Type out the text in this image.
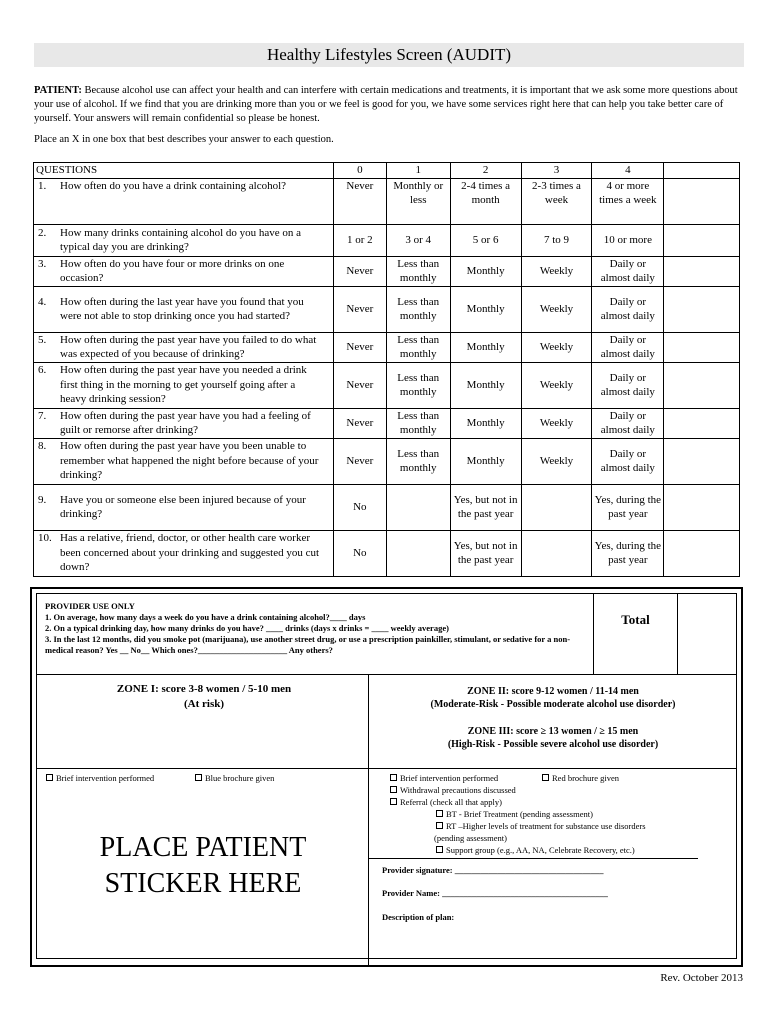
Healthy Lifestyles Screen (AUDIT)
PATIENT: Because alcohol use can affect your health and can interfere with certain medications and treatments, it is important that we ask some more questions about your use of alcohol. If we find that you are drinking more than you or we feel is good for you, we have some services right here that can help you take better care of yourself. Your answers will remain confidential so please be honest.
Place an X in one box that best describes your answer to each question.
QUESTIONS	0	1	2	3	4	
1. How often do you have a drink containing alcohol?	Never	Monthly or less	2-4 times a month	2-3 times a week	4 or more times a week	
2. How many drinks containing alcohol do you have on a typical day you are drinking?	1 or 2	3 or 4	5 or 6	7 to 9	10 or more	
3. How often do you have four or more drinks on one occasion?	Never	Less than monthly	Monthly	Weekly	Daily or almost daily	
4. How often during the last year have you found that you were not able to stop drinking once you had started?	Never	Less than monthly	Monthly	Weekly	Daily or almost daily	
5. How often during the past year have you failed to do what was expected of you because of drinking?	Never	Less than monthly	Monthly	Weekly	Daily or almost daily	
6. How often during the past year have you needed a drink first thing in the morning to get yourself going after a heavy drinking session?	Never	Less than monthly	Monthly	Weekly	Daily or almost daily	
7. How often during the past year have you had a feeling of guilt or remorse after drinking?	Never	Less than monthly	Monthly	Weekly	Daily or almost daily	
8. How often during the past year have you been unable to remember what happened the night before because of your drinking?	Never	Less than monthly	Monthly	Weekly	Daily or almost daily	
9. Have you or someone else been injured because of your drinking?	No		Yes, but not in the past year		Yes, during the past year	
10. Has a relative, friend, doctor, or other health care worker been concerned about your drinking and suggested you cut down?	No		Yes, but not in the past year		Yes, during the past year	
PROVIDER USE ONLY
1. On average, how many days a week do you have a drink containing alcohol?____ days
2. On a typical drinking day, how many drinks do you have? ____ drinks (days x drinks = ____ weekly average)
3. In the last 12 months, did you smoke pot (marijuana), use another street drug, or use a prescription painkiller, stimulant, or sedative for a non-medical reason? Yes __ No__ Which ones?_____________________ Any others?
Total
ZONE I: score 3-8 women / 5-10 men
(At risk)
ZONE II: score 9-12 women / 11-14 men
(Moderate-Risk - Possible moderate alcohol use disorder)
ZONE III: score ≥ 13 women / ≥ 15 men
(High-Risk - Possible severe alcohol use disorder)
Brief intervention performed	Blue brochure given	Brief intervention performed	Red brochure given
Withdrawal precautions discussed
Referral (check all that apply)
BT - Brief Treatment (pending assessment)
RT –Higher levels of treatment for substance use disorders
(pending assessment)
Support group (e.g., AA, NA, Celebrate Recovery, etc.)
PLACE PATIENT
STICKER HERE	Provider signature: ___________________________________
Provider Name: _______________________________________
Description of plan:
Rev. October 2013
